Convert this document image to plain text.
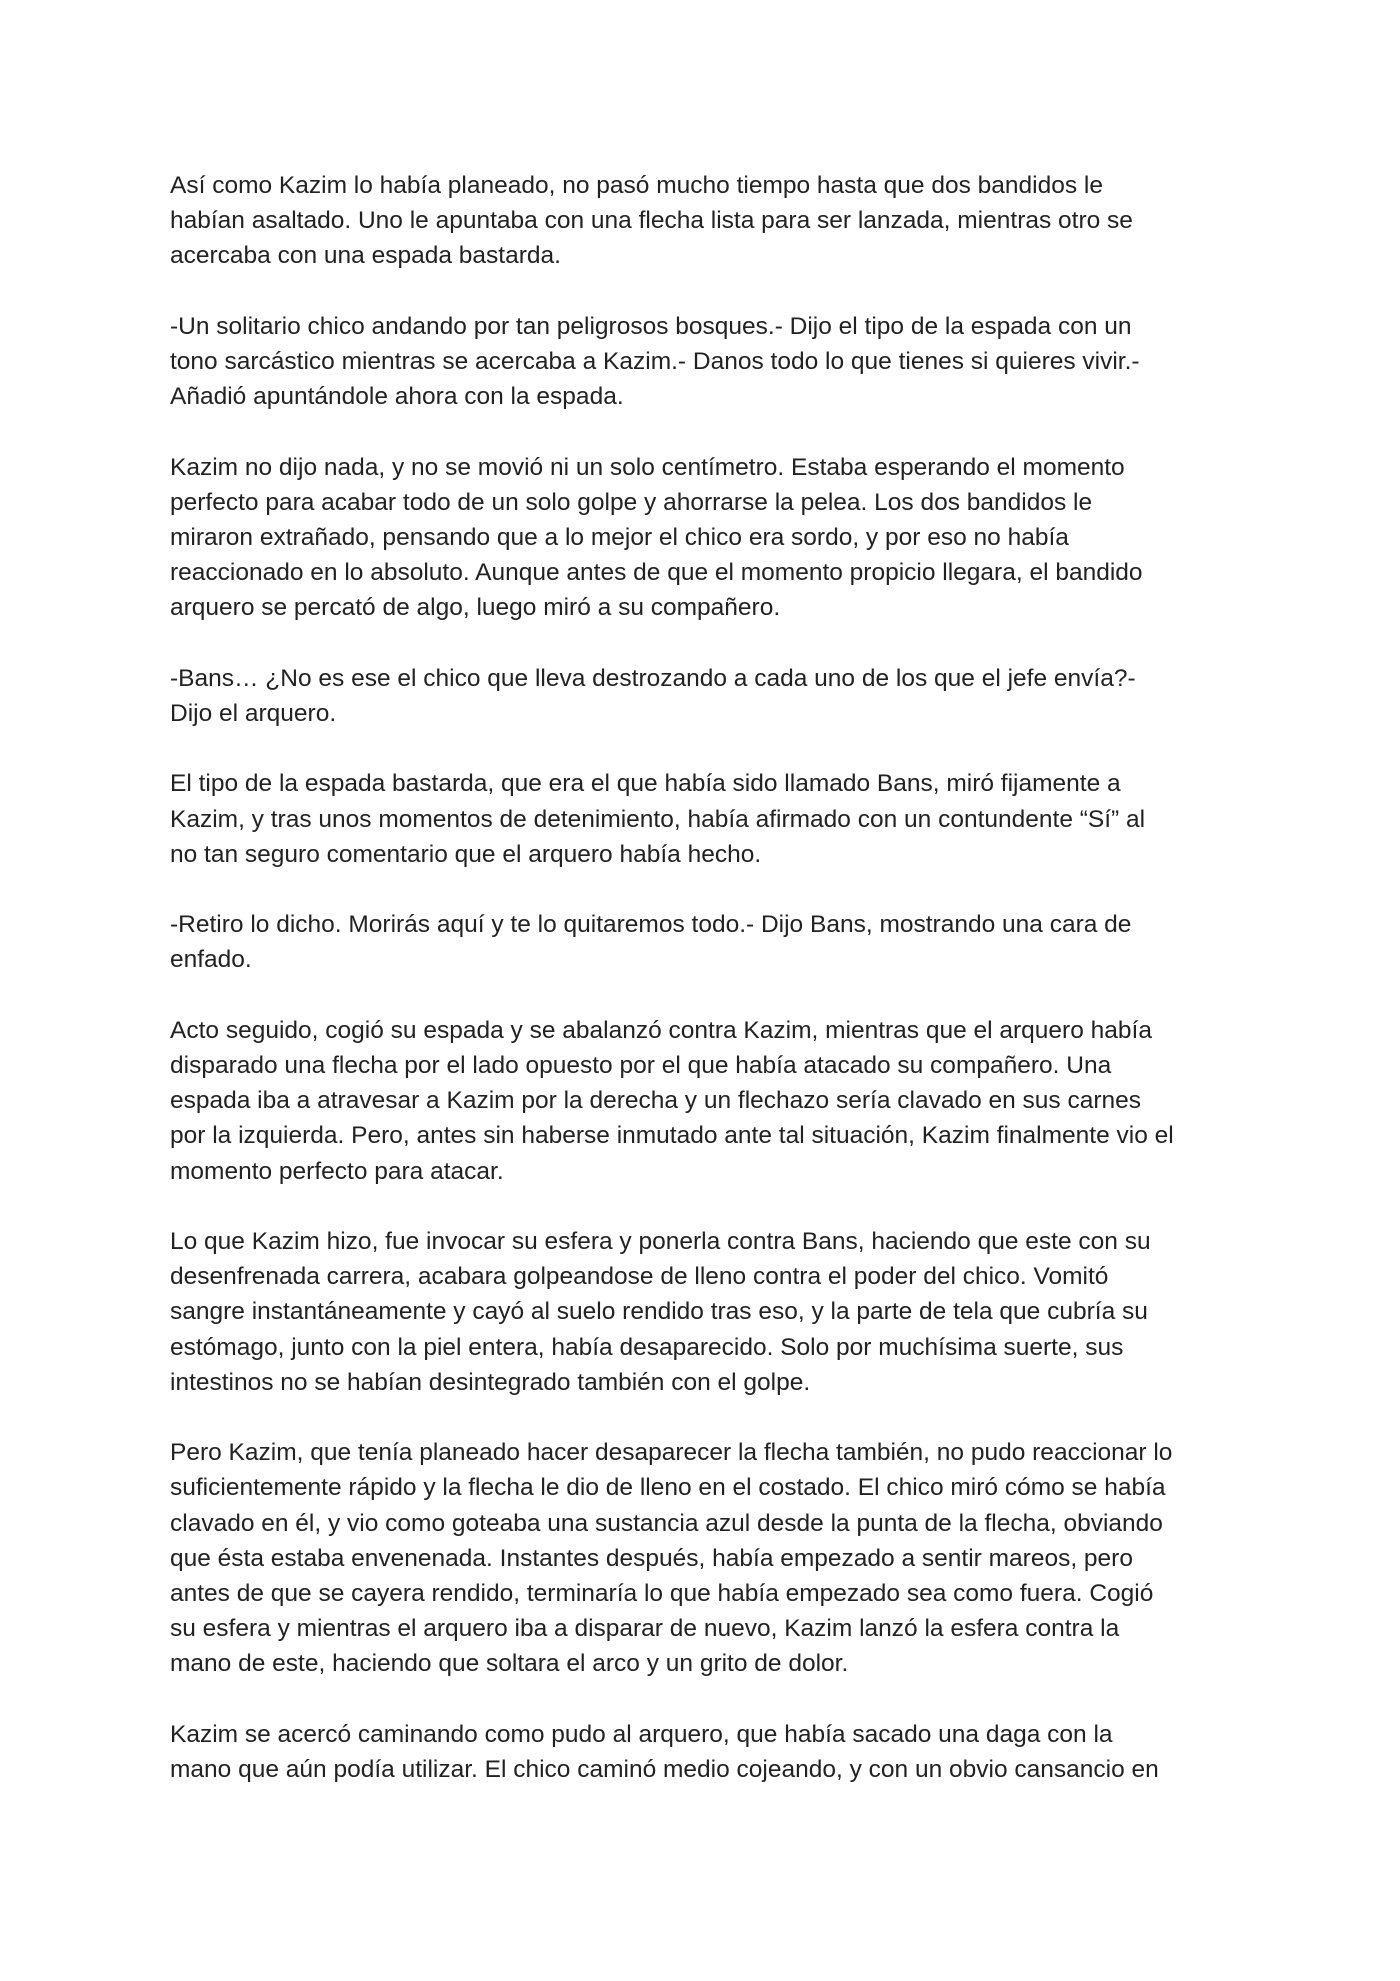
Así como Kazim lo había planeado, no pasó mucho tiempo hasta que dos bandidos le
habían asaltado. Uno le apuntaba con una flecha lista para ser lanzada, mientras otro se
acercaba con una espada bastarda.

-Un solitario chico andando por tan peligrosos bosques.- Dijo el tipo de la espada con un
tono sarcástico mientras se acercaba a Kazim.- Danos todo lo que tienes si quieres vivir.-
Añadió apuntándole ahora con la espada.

Kazim no dijo nada, y no se movió ni un solo centímetro. Estaba esperando el momento
perfecto para acabar todo de un solo golpe y ahorrarse la pelea. Los dos bandidos le
miraron extrañado, pensando que a lo mejor el chico era sordo, y por eso no había
reaccionado en lo absoluto. Aunque antes de que el momento propicio llegara, el bandido
arquero se percató de algo, luego miró a su compañero.

-Bans… ¿No es ese el chico que lleva destrozando a cada uno de los que el jefe envía?-
Dijo el arquero.

El tipo de la espada bastarda, que era el que había sido llamado Bans, miró fijamente a
Kazim, y tras unos momentos de detenimiento, había afirmado con un contundente “Sí” al
no tan seguro comentario que el arquero había hecho.

-Retiro lo dicho. Morirás aquí y te lo quitaremos todo.- Dijo Bans, mostrando una cara de
enfado.

Acto seguido, cogió su espada y se abalanzó contra Kazim, mientras que el arquero había
disparado una flecha por el lado opuesto por el que había atacado su compañero. Una
espada iba a atravesar a Kazim por la derecha y un flechazo sería clavado en sus carnes
por la izquierda. Pero, antes sin haberse inmutado ante tal situación, Kazim finalmente vio el
momento perfecto para atacar.

Lo que Kazim hizo, fue invocar su esfera y ponerla contra Bans, haciendo que este con su
desenfrenada carrera, acabara golpeandose de lleno contra el poder del chico. Vomitó
sangre instantáneamente y cayó al suelo rendido tras eso, y la parte de tela que cubría su
estómago, junto con la piel entera, había desaparecido. Solo por muchísima suerte, sus
intestinos no se habían desintegrado también con el golpe.

Pero Kazim, que tenía planeado hacer desaparecer la flecha también, no pudo reaccionar lo
suficientemente rápido y la flecha le dio de lleno en el costado. El chico miró cómo se había
clavado en él, y vio como goteaba una sustancia azul desde la punta de la flecha, obviando
que ésta estaba envenenada. Instantes después, había empezado a sentir mareos, pero
antes de que se cayera rendido, terminaría lo que había empezado sea como fuera. Cogió
su esfera y mientras el arquero iba a disparar de nuevo, Kazim lanzó la esfera contra la
mano de este, haciendo que soltara el arco y un grito de dolor.

Kazim se acercó caminando como pudo al arquero, que había sacado una daga con la
mano que aún podía utilizar. El chico caminó medio cojeando, y con un obvio cansancio en
